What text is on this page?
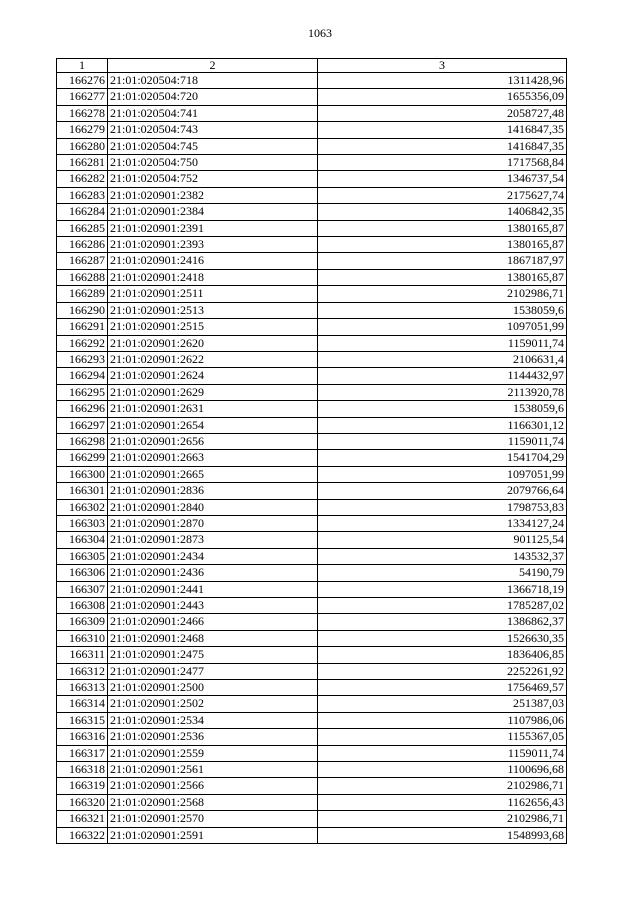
1063
1	2	3
166276	21:01:020504:718	1311428,96
166277	21:01:020504:720	1655356,09
166278	21:01:020504:741	2058727,48
166279	21:01:020504:743	1416847,35
166280	21:01:020504:745	1416847,35
166281	21:01:020504:750	1717568,84
166282	21:01:020504:752	1346737,54
166283	21:01:020901:2382	2175627,74
166284	21:01:020901:2384	1406842,35
166285	21:01:020901:2391	1380165,87
166286	21:01:020901:2393	1380165,87
166287	21:01:020901:2416	1867187,97
166288	21:01:020901:2418	1380165,87
166289	21:01:020901:2511	2102986,71
166290	21:01:020901:2513	1538059,6
166291	21:01:020901:2515	1097051,99
166292	21:01:020901:2620	1159011,74
166293	21:01:020901:2622	2106631,4
166294	21:01:020901:2624	1144432,97
166295	21:01:020901:2629	2113920,78
166296	21:01:020901:2631	1538059,6
166297	21:01:020901:2654	1166301,12
166298	21:01:020901:2656	1159011,74
166299	21:01:020901:2663	1541704,29
166300	21:01:020901:2665	1097051,99
166301	21:01:020901:2836	2079766,64
166302	21:01:020901:2840	1798753,83
166303	21:01:020901:2870	1334127,24
166304	21:01:020901:2873	901125,54
166305	21:01:020901:2434	143532,37
166306	21:01:020901:2436	54190,79
166307	21:01:020901:2441	1366718,19
166308	21:01:020901:2443	1785287,02
166309	21:01:020901:2466	1386862,37
166310	21:01:020901:2468	1526630,35
166311	21:01:020901:2475	1836406,85
166312	21:01:020901:2477	2252261,92
166313	21:01:020901:2500	1756469,57
166314	21:01:020901:2502	251387,03
166315	21:01:020901:2534	1107986,06
166316	21:01:020901:2536	1155367,05
166317	21:01:020901:2559	1159011,74
166318	21:01:020901:2561	1100696,68
166319	21:01:020901:2566	2102986,71
166320	21:01:020901:2568	1162656,43
166321	21:01:020901:2570	2102986,71
166322	21:01:020901:2591	1548993,68
